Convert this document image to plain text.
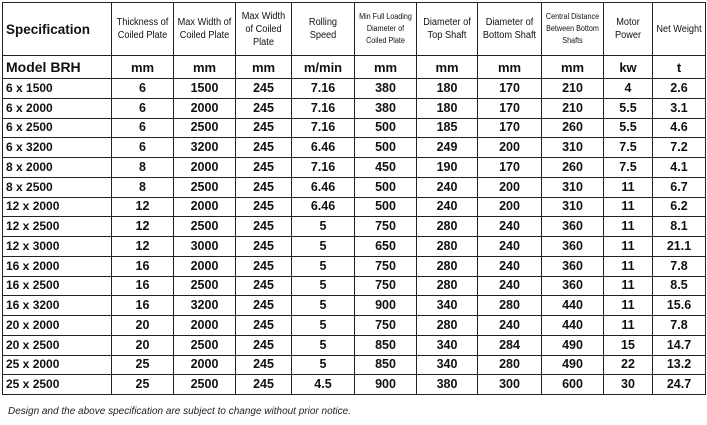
Specification	Thickness of Coiled Plate	Max Width of Coiled Plate	Max Width of Coiled Plate	Rolling Speed	Min Full Loading Diameter of Coiled Plate	Diameter of Top Shaft	Diameter of Bottom Shaft	Central Distance Between Bottom Shafts	Motor Power	Net Weight

Model BRH	mm	mm	mm	m/min	mm	mm	mm	mm	kw	t
6 x 1500	6	1500	245	7.16	380	180	170	210	4	2.6
6 x 2000	6	2000	245	7.16	380	180	170	210	5.5	3.1
6 x 2500	6	2500	245	7.16	500	185	170	260	5.5	4.6
6 x 3200	6	3200	245	6.46	500	249	200	310	7.5	7.2
8 x 2000	8	2000	245	7.16	450	190	170	260	7.5	4.1
8 x 2500	8	2500	245	6.46	500	240	200	310	11	6.7
12 x 2000	12	2000	245	6.46	500	240	200	310	11	6.2
12 x 2500	12	2500	245	5	750	280	240	360	11	8.1
12 x 3000	12	3000	245	5	650	280	240	360	11	21.1
16 x 2000	16	2000	245	5	750	280	240	360	11	7.8
16 x 2500	16	2500	245	5	750	280	240	360	11	8.5
16 x 3200	16	3200	245	5	900	340	280	440	11	15.6
20 x 2000	20	2000	245	5	750	280	240	440	11	7.8
20 x 2500	20	2500	245	5	850	340	284	490	15	14.7
25 x 2000	25	2000	245	5	850	340	280	490	22	13.2
25 x 2500	25	2500	245	4.5	900	380	300	600	30	24.7
Design and the above specification are subject to change without prior notice.
